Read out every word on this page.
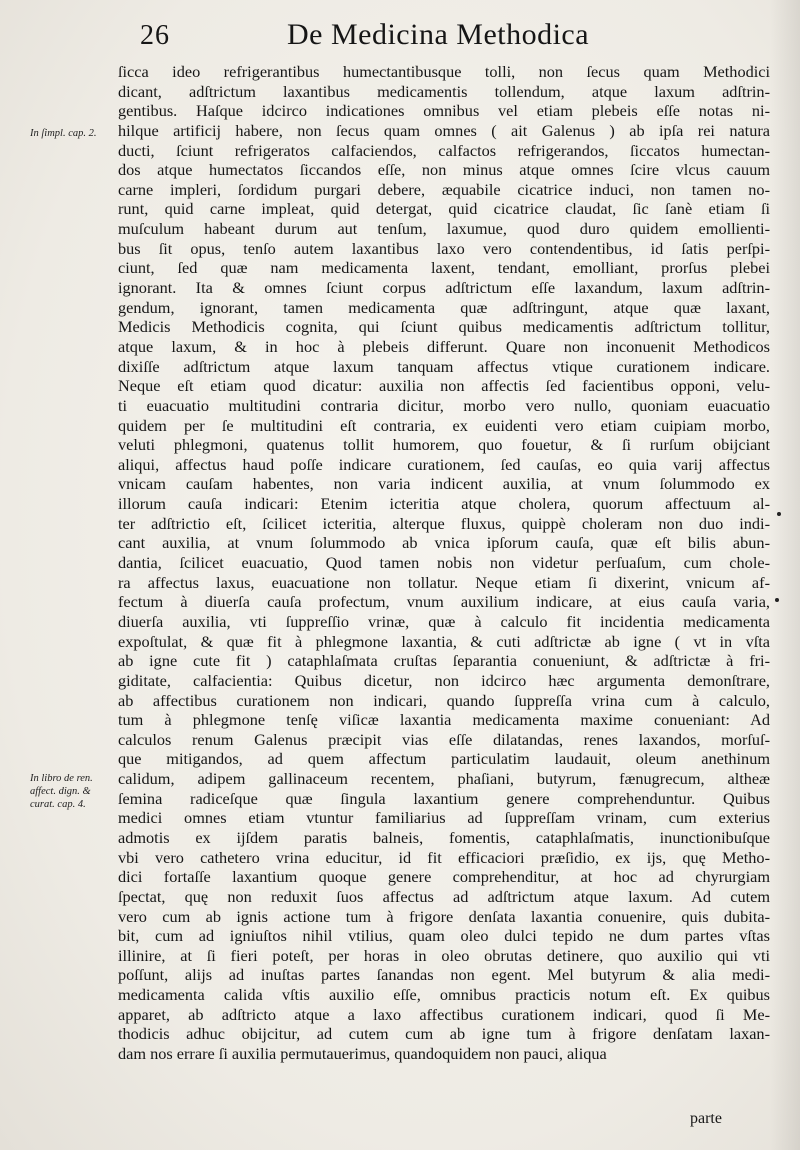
26	De Medicina Methodica
In ſimpl. cap. 2.
In libro de ren. affect. dign. & curat. cap. 4.
ſicca ideo refrigerantibus humectantibusque tolli, non ſecus quam Methodici
dicant, adſtrictum laxantibus medicamentis tollendum, atque laxum adſtrin-
gentibus. Haſque idcirco indicationes omnibus vel etiam plebeis eſſe notas ni-
hilque artificij habere, non ſecus quam omnes ( ait Galenus ) ab ipſa rei natura
ducti, ſciunt refrigeratos calfaciendos, calfactos refrigerandos, ſiccatos humectan-
dos atque humectatos ſiccandos eſſe, non minus atque omnes ſcire vlcus cauum
carne impleri, ſordidum purgari debere, æquabile cicatrice induci, non tamen no-
runt, quid carne impleat, quid detergat, quid cicatrice claudat, ſic ſanè etiam ſi
muſculum habeant durum aut tenſum, laxumue, quod duro quidem emollienti-
bus ſit opus, tenſo autem laxantibus laxo vero contendentibus, id ſatis perſpi-
ciunt, ſed quæ nam medicamenta laxent, tendant, emolliant, prorſus plebei
ignorant. Ita & omnes ſciunt corpus adſtrictum eſſe laxandum, laxum adſtrin-
gendum, ignorant, tamen medicamenta quæ adſtringunt, atque quæ laxant,
Medicis Methodicis cognita, qui ſciunt quibus medicamentis adſtrictum tollitur,
atque laxum, & in hoc à plebeis differunt. Quare non inconuenit Methodicos
dixiſſe adſtrictum atque laxum tanquam affectus vtique curationem indicare.
Neque eſt etiam quod dicatur: auxilia non affectis ſed facientibus opponi, velu-
ti euacuatio multitudini contraria dicitur, morbo vero nullo, quoniam euacuatio
quidem per ſe multitudini eſt contraria, ex euidenti vero etiam cuipiam morbo,
veluti phlegmoni, quatenus tollit humorem, quo fouetur, & ſi rurſum obijciant
aliqui, affectus haud poſſe indicare curationem, ſed cauſas, eo quia varij affectus
vnicam cauſam habentes, non varia indicent auxilia, at vnum ſolummodo ex
illorum cauſa indicari: Etenim icteritia atque cholera, quorum affectuum al-
ter adſtrictio eſt, ſcilicet icteritia, alterque fluxus, quippè choleram non duo indi-
cant auxilia, at vnum ſolummodo ab vnica ipſorum cauſa, quæ eſt bilis abun-
dantia, ſcilicet euacuatio, Quod tamen nobis non videtur perſuaſum, cum chole-
ra affectus laxus, euacuatione non tollatur. Neque etiam ſi dixerint, vnicum af-
fectum à diuerſa cauſa profectum, vnum auxilium indicare, at eius cauſa varia,
diuerſa auxilia, vti ſuppreſſio vrinæ, quæ à calculo fit incidentia medicamenta
expoſtulat, & quæ fit à phlegmone laxantia, & cuti adſtrictæ ab igne ( vt in vſta
ab igne cute fit ) cataphlaſmata cruſtas ſeparantia conueniunt, & adſtrictæ à fri-
giditate, calfacientia: Quibus dicetur, non idcirco hæc argumenta demonſtrare,
ab affectibus curationem non indicari, quando ſuppreſſa vrina cum à calculo,
tum à phlegmone tenſę viſicæ laxantia medicamenta maxime conueniant: Ad
calculos renum Galenus præcipit vias eſſe dilatandas, renes laxandos, morſuſ-
que mitigandos, ad quem affectum particulatim laudauit, oleum anethinum
calidum, adipem gallinaceum recentem, phaſiani, butyrum, fænugrecum, altheæ
ſemina radiceſque quæ ſingula laxantium genere comprehenduntur. Quibus
medici omnes etiam vtuntur familiarius ad ſuppreſſam vrinam, cum exterius
admotis ex ijſdem paratis balneis, fomentis, cataphlaſmatis, inunctionibuſque
vbi vero cathetero vrina educitur, id fit efficaciori præſidio, ex ijs, quę Metho-
dici fortaſſe laxantium quoque genere comprehenditur, at hoc ad chyrurgiam
ſpectat, quę non reduxit ſuos affectus ad adſtrictum atque laxum. Ad cutem
vero cum ab ignis actione tum à frigore denſata laxantia conuenire, quis dubita-
bit, cum ad igniuſtos nihil vtilius, quam oleo dulci tepido ne dum partes vſtas
illinire, at ſi fieri poteſt, per horas in oleo obrutas detinere, quo auxilio qui vti
poſſunt, alijs ad inuſtas partes ſanandas non egent. Mel butyrum & alia medi-
medicamenta calida vſtis auxilio eſſe, omnibus practicis notum eſt. Ex quibus
apparet, ab adſtricto atque a laxo affectibus curationem indicari, quod ſi Me-
thodicis adhuc obijcitur, ad cutem cum ab igne tum à frigore denſatam laxan-
dam nos errare ſi auxilia permutauerimus, quandoquidem non pauci, aliqua
parte
